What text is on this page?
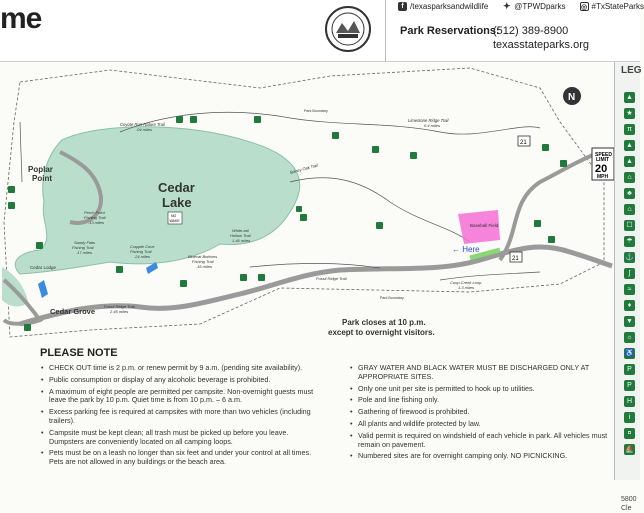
me	f /texasparksandwildlife ✦ @TPWDparks ◎ #TxStateParks
Park Reservations:
(512) 389-8900
texasstateparks.org
Baseball Field
← Here
N
SPEED
LIMIT
20
MPH
21
21
Cedar Lake
NO
WAKE
Poplar Point
Cedar Grove
Cedar Lodge
Coyote Run Nature Trail
.04 miles
Limestone Ridge Trail
0.4 miles
Spiney Oak Trail
Perch Point Fishing Trail .13 miles
Sandy Flats Fishing Trail .17 miles
Crappie Cove Fishing Trail .24 miles	Bluecat Bottoms Fishing Trail .16 miles
White-tail Hollow Trail 1.46 miles
Fossil Ridge Trail
Fossil Ridge Trail
2.45 miles
Coop Creek Loop
1.3 miles
Park Boundary
Park Boundary
Park closes at 10 p.m. except to overnight visitors.
LEG
▲
★
π
▲
▲
⌂
♣
⌂
☐
☂
⚓
∫
≈
♦
▼
☼
♿
P
P
H
i
¤
⛵
5800
Cle
PLEASE NOTE
• CHECK OUT time is 2 p.m. or renew permit by 9 a.m. (pending site availability).
• Public consumption or display of any alcoholic beverage is prohibited.
• A maximum of eight people are permitted per campsite. Non-overnight guests must leave the park by 10 p.m. Quiet time is from 10 p.m. – 6 a.m.
• Excess parking fee is required at campsites with more than two vehicles (including trailers).
• Campsite must be kept clean; all trash must be picked up before you leave. Dumpsters are conveniently located on all camping loops.
• Pets must be on a leash no longer than six feet and under your control at all times. Pets are not allowed in any buildings or the beach area.
• GRAY WATER AND BLACK WATER MUST BE DISCHARGED ONLY AT APPROPRIATE SITES.
• Only one unit per site is permitted to hook up to utilities.
• Pole and line fishing only.
• Gathering of firewood is prohibited.
• All plants and wildlife protected by law.
• Valid permit is required on windshield of each vehicle in park. All vehicles must remain on pavement.
• Numbered sites are for overnight camping only. NO PICNICKING.
